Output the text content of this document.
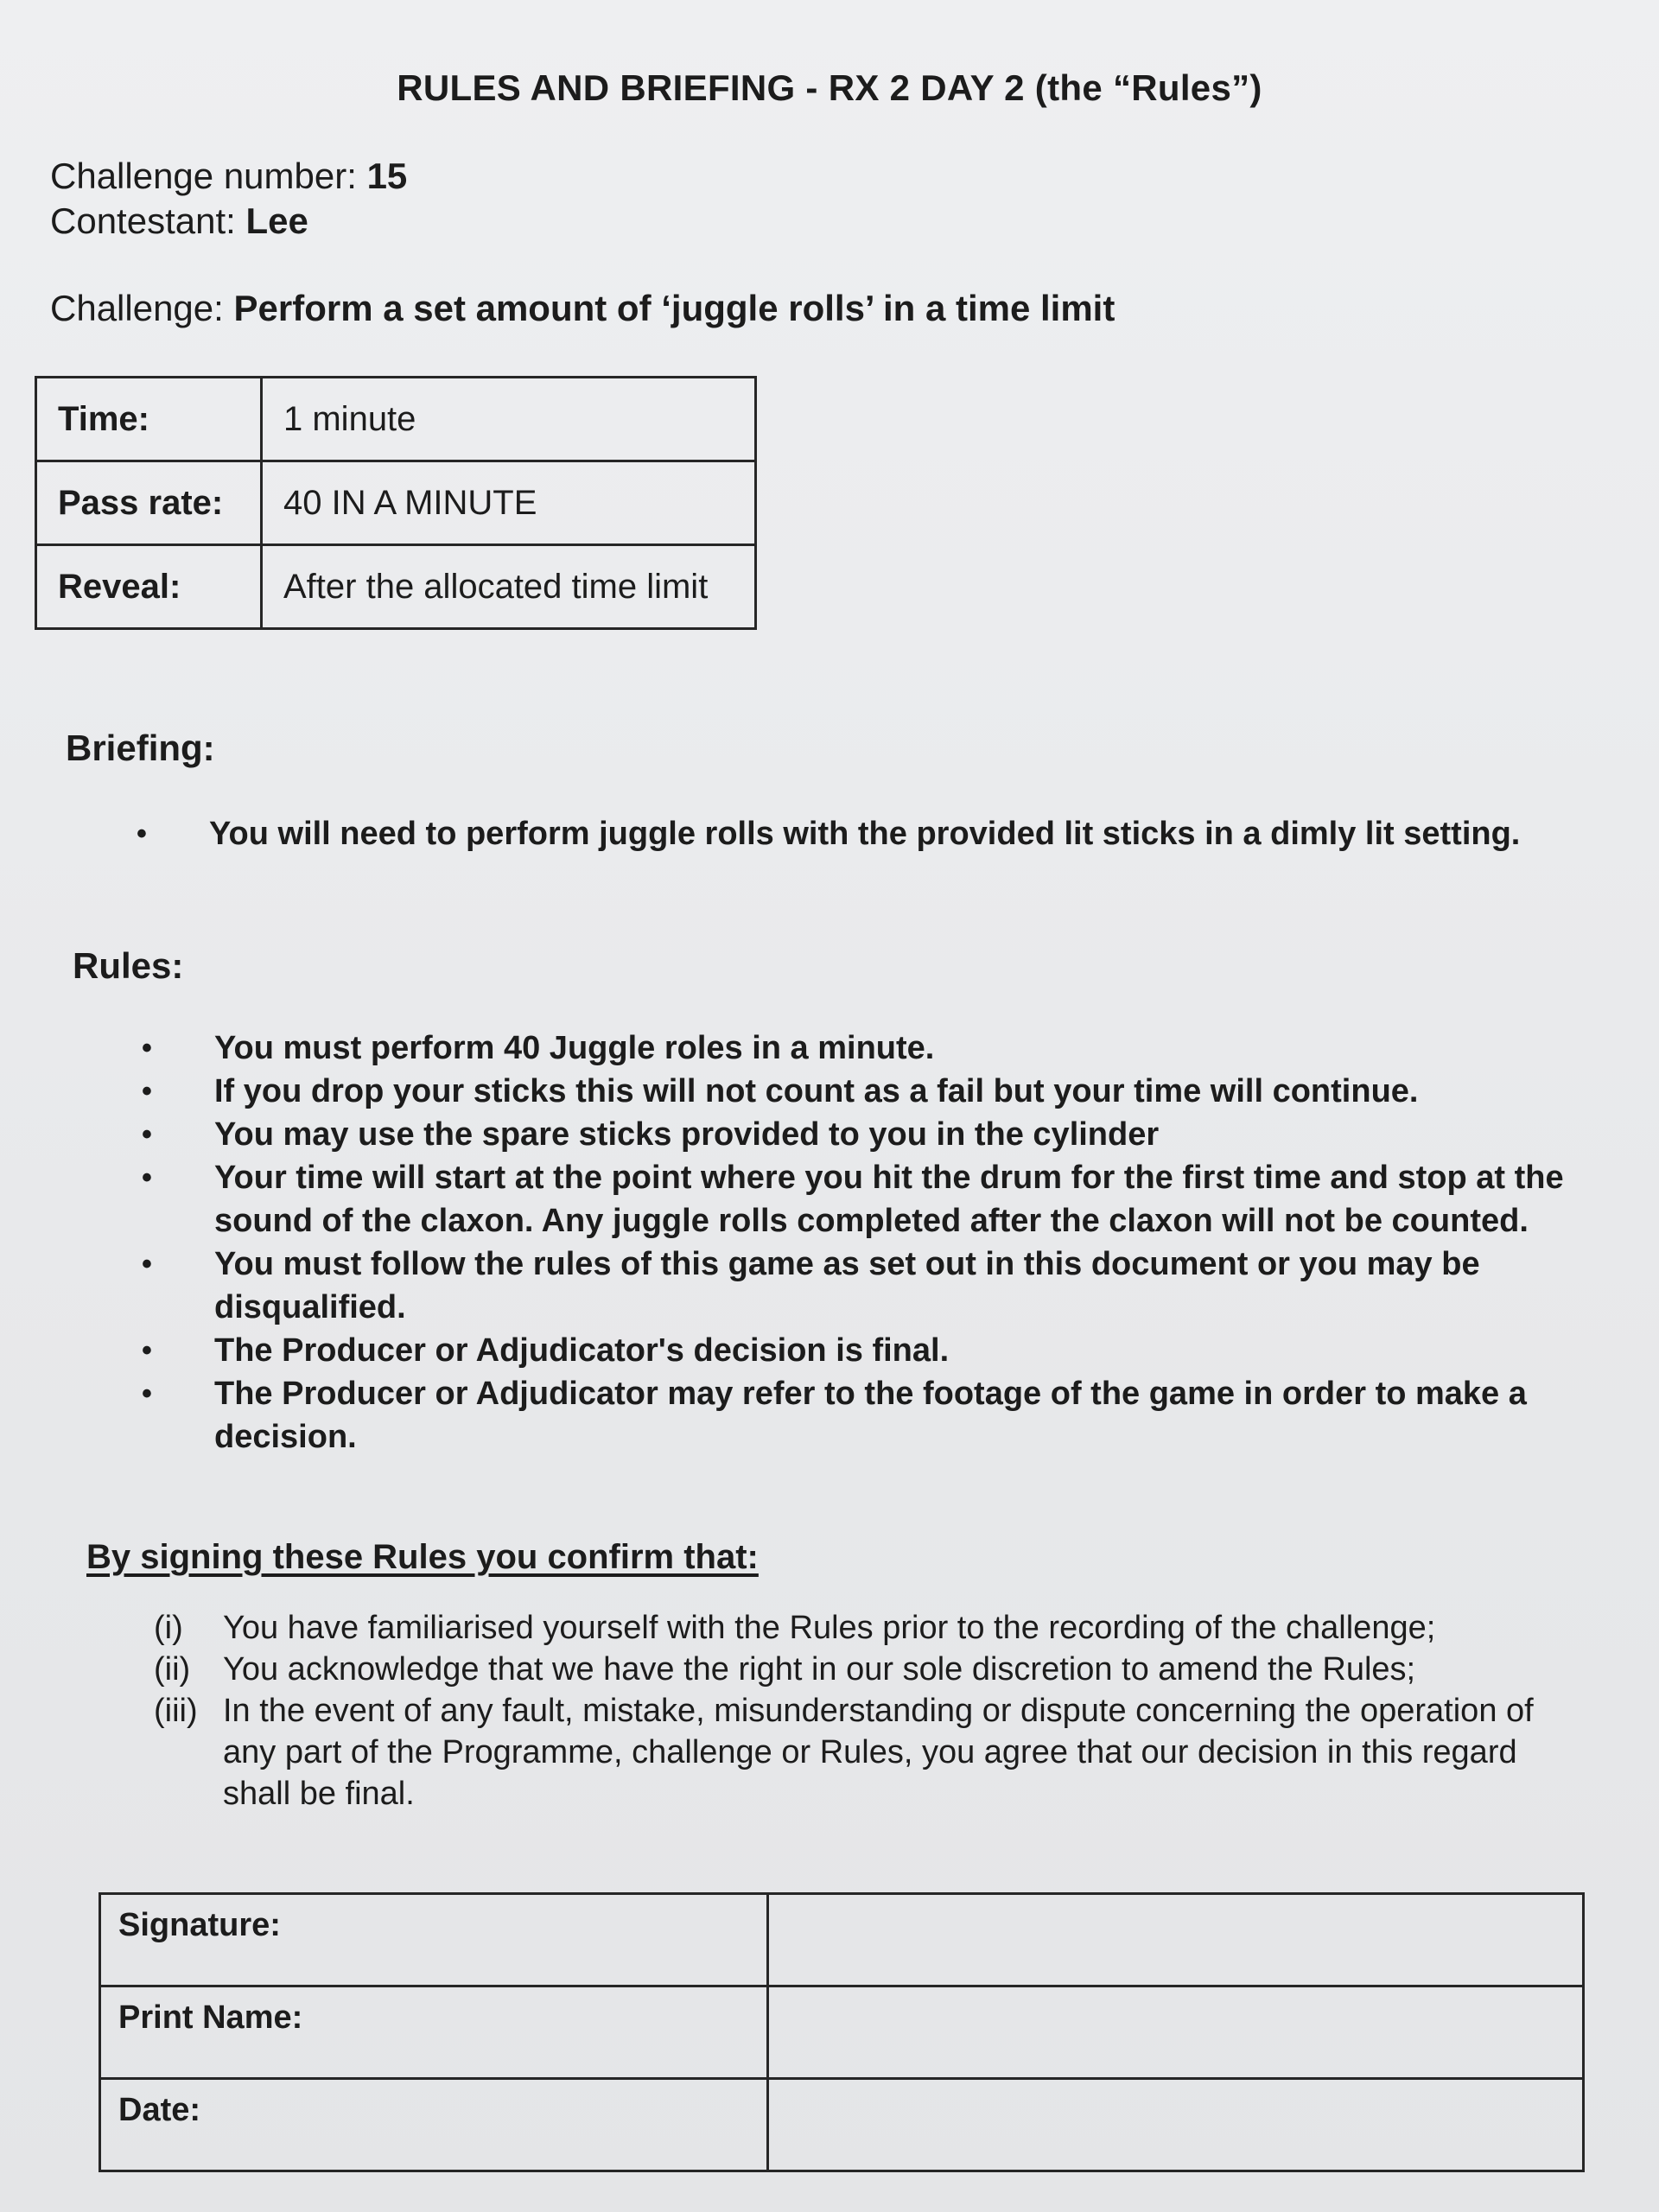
RULES AND BRIEFING - RX 2 DAY 2 (the “Rules”)
Challenge number: 15
Contestant: Lee
Challenge: Perform a set amount of ‘juggle rolls’ in a time limit
Time:	1 minute
Pass rate:	40 IN A MINUTE
Reveal:	After the allocated time limit
Briefing:
• You will need to perform juggle rolls with the provided lit sticks in a dimly lit setting.
Rules:
• You must perform 40 Juggle roles in a minute.
• If you drop your sticks this will not count as a fail but your time will continue.
• You may use the spare sticks provided to you in the cylinder
• Your time will start at the point where you hit the drum for the first time and stop at the sound of the claxon. Any juggle rolls completed after the claxon will not be counted.
• You must follow the rules of this game as set out in this document or you may be disqualified.
• The Producer or Adjudicator's decision is final.
• The Producer or Adjudicator may refer to the footage of the game in order to make a decision.
By signing these Rules you confirm that:
(i) You have familiarised yourself with the Rules prior to the recording of the challenge;
(ii) You acknowledge that we have the right in our sole discretion to amend the Rules;
(iii) In the event of any fault, mistake, misunderstanding or dispute concerning the operation of any part of the Programme, challenge or Rules, you agree that our decision in this regard shall be final.
Signature:	
Print Name:	
Date:	
